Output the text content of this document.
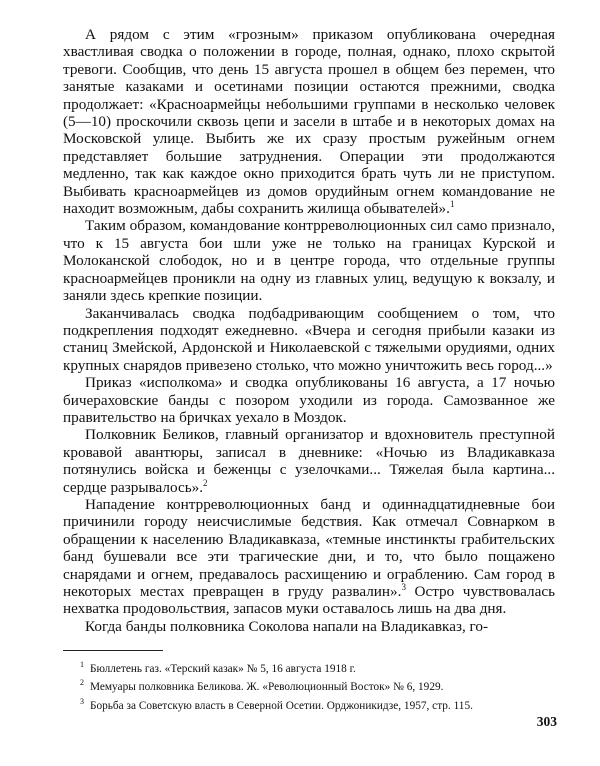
А рядом с этим «грозным» приказом опубликована очередная хвастливая сводка о положении в городе, полная, однако, плохо скрытой тревоги. Сообщив, что день 15 августа прошел в общем без перемен, что занятые казаками и осетинами позиции остаются прежними, сводка продолжает: «Красноармейцы небольшими группами в несколько человек (5—10) проскочили сквозь цепи и засели в штабе и в некоторых домах на Московской улице. Выбить же их сразу простым ружейным огнем представляет большие затруднения. Операции эти продолжаются медленно, так как каждое окно приходится брать чуть ли не приступом. Выбивать красноармейцев из домов орудийным огнем командование не находит возможным, дабы сохранить жилища обывателей».$^1$

Таким образом, командование контрреволюционных сил само признало, что к 15 августа бои шли уже не только на границах Курской и Молоканской слободок, но и в центре города, что отдельные группы красноармейцев проникли на одну из главных улиц, ведущую к вокзалу, и заняли здесь крепкие позиции.

Заканчивалась сводка подбадривающим сообщением о том, что подкрепления подходят ежедневно. «Вчера и сегодня прибыли казаки из станиц Змейской, Ардонской и Николаевской с тяжелыми орудиями, одних крупных снарядов привезено столько, что можно уничтожить весь город...»

Приказ «исполкома» и сводка опубликованы 16 августа, а 17 ночью бичераховские банды с позором уходили из города. Самозванное же правительство на бричках уехало в Моздок.

Полковник Беликов, главный организатор и вдохновитель преступной кровавой авантюры, записал в дневнике: «Ночью из Владикавказа потянулись войска и беженцы с узелочками... Тяжелая была картина... сердце разрывалось».$^2$

Нападение контрреволюционных банд и одиннадцатидневные бои причинили городу неисчислимые бедствия. Как отмечал Совнарком в обращении к населению Владикавказа, «темные инстинкты грабительских банд бушевали все эти трагические дни, и то, что было пощажено снарядами и огнем, предавалось расхищению и ограблению. Сам город в некоторых местах превращен в груду развалин».$^3$ Остро чувствовалась нехватка продовольствия, запасов муки оставалось лишь на два дня.

Когда банды полковника Соколова напали на Владикавказ, го-

$^1$ Бюллетень газ. «Терский казак» № 5, 16 августа 1918 г.
$^2$ Мемуары полковника Беликова. Ж. «Революционный Восток» № 6, 1929.
$^3$ Борьба за Советскую власть в Северной Осетии. Орджоникидзе, 1957, стр. 115.
303
